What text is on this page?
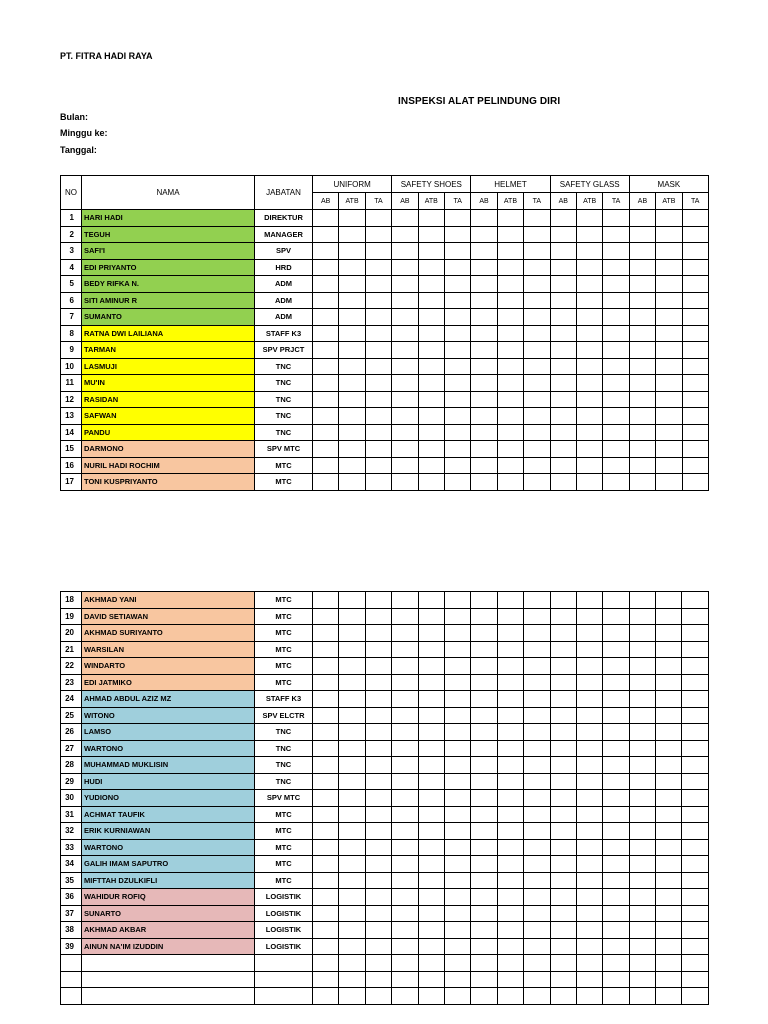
PT. FITRA HADI RAYA
INSPEKSI ALAT PELINDUNG DIRI
Bulan:
Minggu ke:
Tanggal:
NO	NAMA	JABATAN	UNIFORM			SAFETY SHOES			HELMET			SAFETY GLASS			MASK		
			AB	ATB	TA	AB	ATB	TA	AB	ATB	TA	AB	ATB	TA	AB	ATB	TA
1	HARI HADI	DIREKTUR															
2	TEGUH	MANAGER															
3	SAFI'I	SPV															
4	EDI PRIYANTO	HRD															
5	BEDY RIFKA N.	ADM															
6	SITI AMINUR R	ADM															
7	SUMANTO	ADM															
8	RATNA DWI LAILIANA	STAFF K3															
9	TARMAN	SPV PRJCT															
10	LASMUJI	TNC															
11	MU'IN	TNC															
12	RASIDAN	TNC															
13	SAFWAN	TNC															
14	PANDU	TNC															
15	DARMONO	SPV MTC															
16	NURIL HADI ROCHIM	MTC															
17	TONI KUSPRIYANTO	MTC															
18	AKHMAD YANI	MTC															
19	DAVID SETIAWAN	MTC															
20	AKHMAD SURIYANTO	MTC															
21	WARSILAN	MTC															
22	WINDARTO	MTC															
23	EDI JATMIKO	MTC															
24	AHMAD ABDUL AZIZ MZ	STAFF K3															
25	WITONO	SPV ELCTR															
26	LAMSO	TNC															
27	WARTONO	TNC															
28	MUHAMMAD MUKLISIN	TNC															
29	HUDI	TNC															
30	YUDIONO	SPV MTC															
31	ACHMAT TAUFIK	MTC															
32	ERIK KURNIAWAN	MTC															
33	WARTONO	MTC															
34	GALIH IMAM SAPUTRO	MTC															
35	MIFTTAH DZULKIFLI	MTC															
36	WAHIDUR ROFIQ	LOGISTIK															
37	SUNARTO	LOGISTIK															
38	AKHMAD AKBAR	LOGISTIK															
39	AINUN NA'IM IZUDDIN	LOGISTIK															
